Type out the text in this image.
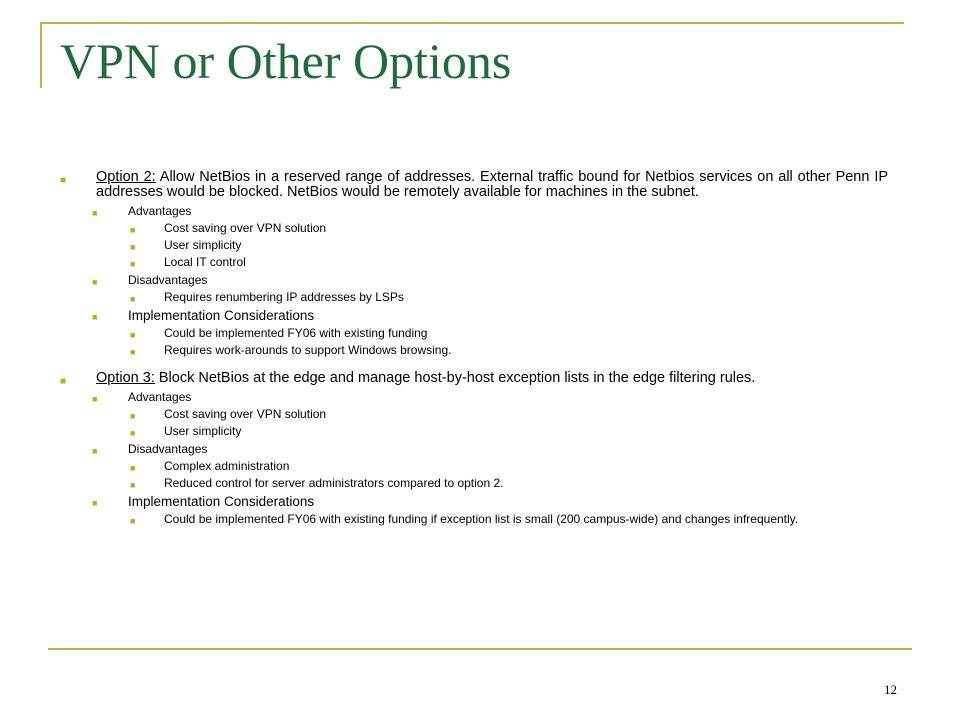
VPN or Other Options
■ Option 2: Allow NetBios in a reserved range of addresses. External traffic bound for Netbios services on all other Penn IP addresses would be blocked. NetBios would be remotely available for machines in the subnet.
■	Advantages
■ Cost saving over VPN solution
■ User simplicity
■ Local IT control
■	Disadvantages
■ Requires renumbering IP addresses by LSPs
■ Implementation Considerations
■ Could be implemented FY06 with existing funding
■ Requires work-arounds to support Windows browsing.
■ Option 3: Block NetBios at the edge and manage host-by-host exception lists in the edge filtering rules.
■	Advantages
■ Cost saving over VPN solution
■ User simplicity
■	Disadvantages
■ Complex administration
■ Reduced control for server administrators compared to option 2.
■ Implementation Considerations
■ Could be implemented FY06 with existing funding if exception list is small (200 campus-wide) and changes infrequently.
12
